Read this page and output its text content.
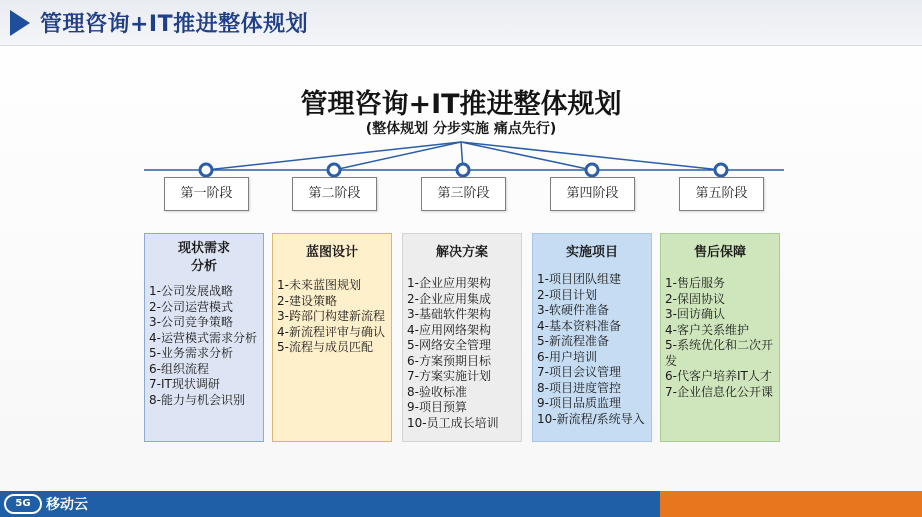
管理咨询+IT推进整体规划
管理咨询+IT推进整体规划
(整体规划 分步实施 痛点先行)
第一阶段	第二阶段	第三阶段	第四阶段	第五阶段
现状需求
分析
1-公司发展战略
2-公司运营模式
3-公司竞争策略
4-运营模式需求分析
5-业务需求分析
6-组织流程
7-IT现状调研
8-能力与机会识别
蓝图设计
1-未来蓝图规划
2-建设策略
3-跨部门构建新流程
4-新流程评审与确认
5-流程与成员匹配
解决方案
1-企业应用架构
2-企业应用集成
3-基础软件架构
4-应用网络架构
5-网络安全管理
6-方案预期目标
7-方案实施计划
8-验收标准
9-项目预算
10-员工成长培训
实施项目
1-项目团队组建
2-项目计划
3-软硬件准备
4-基本资料准备
5-新流程准备
6-用户培训
7-项目会议管理
8-项目进度管控
9-项目品质监理
10-新流程/系统导入
售后保障
1-售后服务
2-保固协议
3-回访确认
4-客户关系维护
5-系统优化和二次开发
6-代客户培养IT人才
7-企业信息化公开课
5G	移动云
